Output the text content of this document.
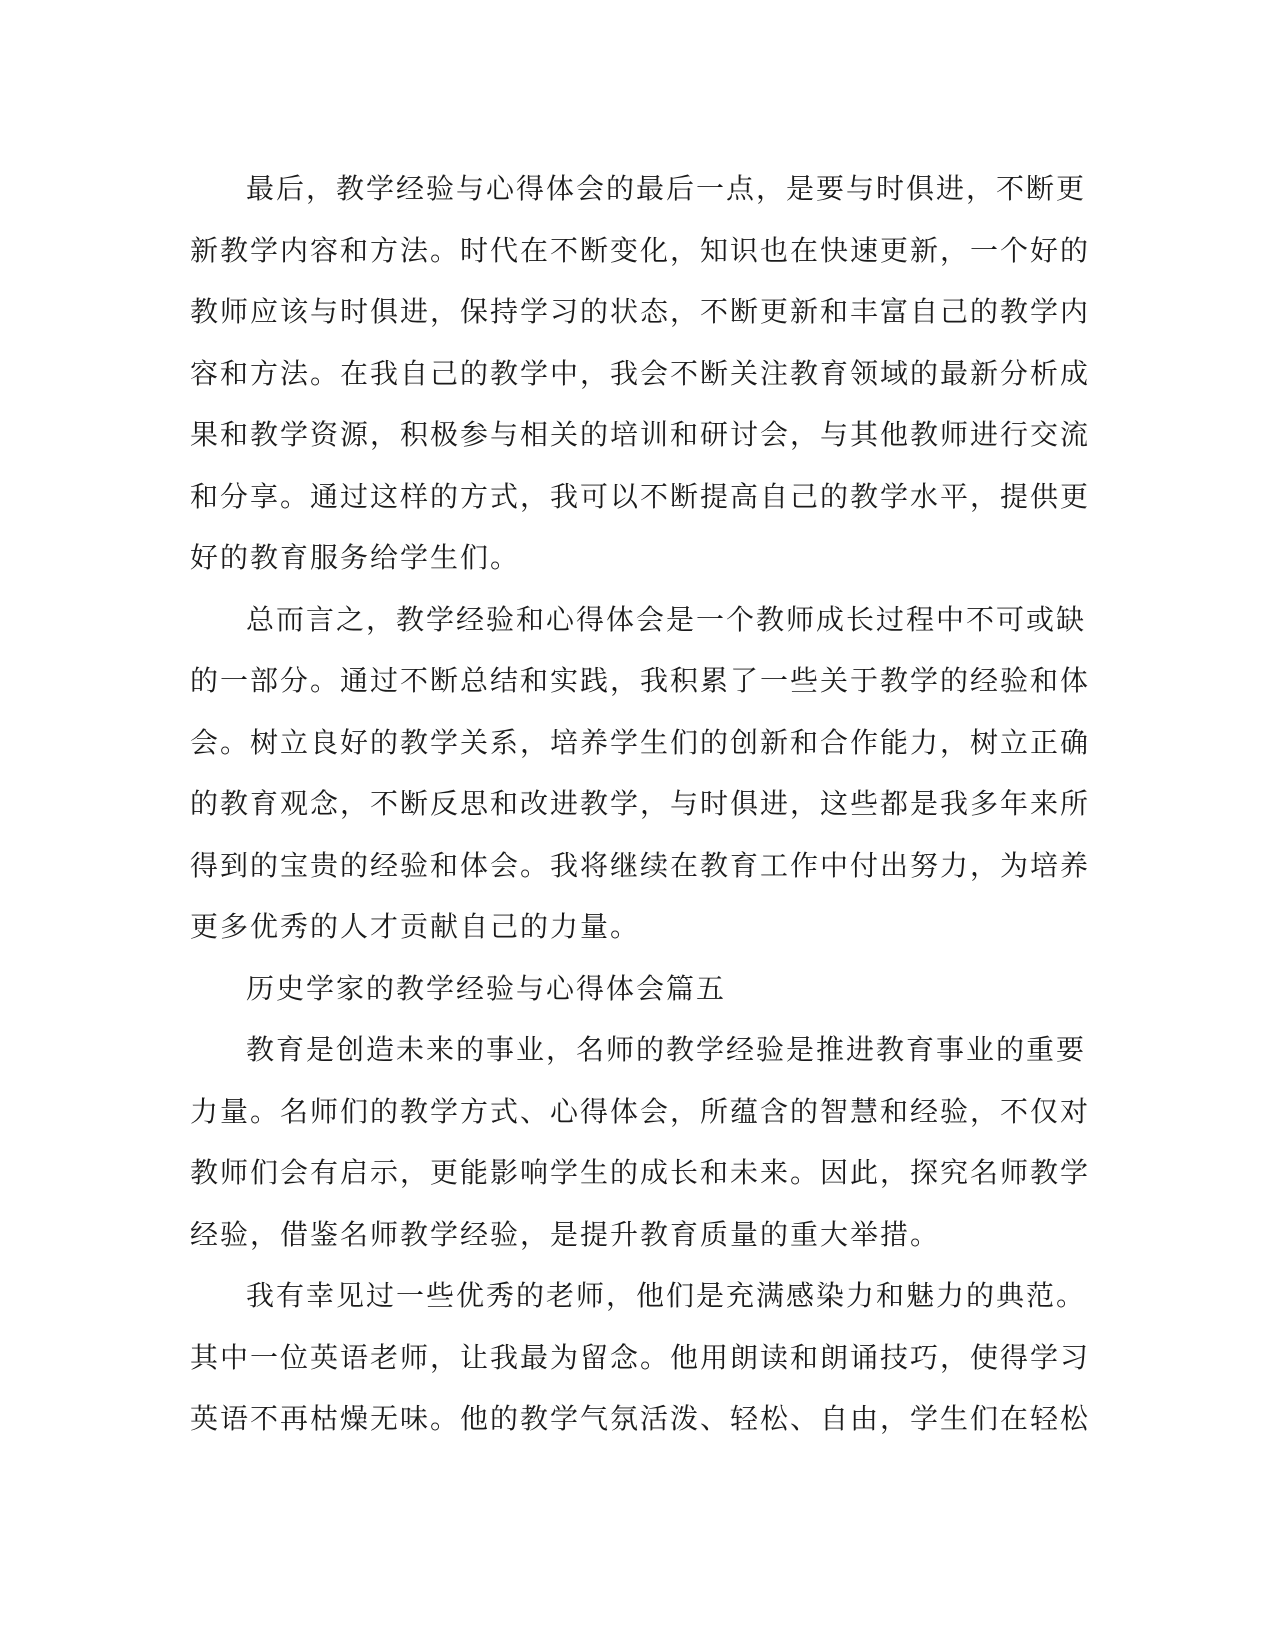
最后，教学经验与心得体会的最后一点，是要与时俱进，不断更
新教学内容和方法。时代在不断变化，知识也在快速更新，一个好的
教师应该与时俱进，保持学习的状态，不断更新和丰富自己的教学内
容和方法。在我自己的教学中，我会不断关注教育领域的最新分析成
果和教学资源，积极参与相关的培训和研讨会，与其他教师进行交流
和分享。通过这样的方式，我可以不断提高自己的教学水平，提供更
好的教育服务给学生们。
总而言之，教学经验和心得体会是一个教师成长过程中不可或缺
的一部分。通过不断总结和实践，我积累了一些关于教学的经验和体
会。树立良好的教学关系，培养学生们的创新和合作能力，树立正确
的教育观念，不断反思和改进教学，与时俱进，这些都是我多年来所
得到的宝贵的经验和体会。我将继续在教育工作中付出努力，为培养
更多优秀的人才贡献自己的力量。
历史学家的教学经验与心得体会篇五
教育是创造未来的事业，名师的教学经验是推进教育事业的重要
力量。名师们的教学方式、心得体会，所蕴含的智慧和经验，不仅对
教师们会有启示，更能影响学生的成长和未来。因此，探究名师教学
经验，借鉴名师教学经验，是提升教育质量的重大举措。
我有幸见过一些优秀的老师，他们是充满感染力和魅力的典范。
其中一位英语老师，让我最为留念。他用朗读和朗诵技巧，使得学习
英语不再枯燥无味。他的教学气氛活泼、轻松、自由，学生们在轻松
